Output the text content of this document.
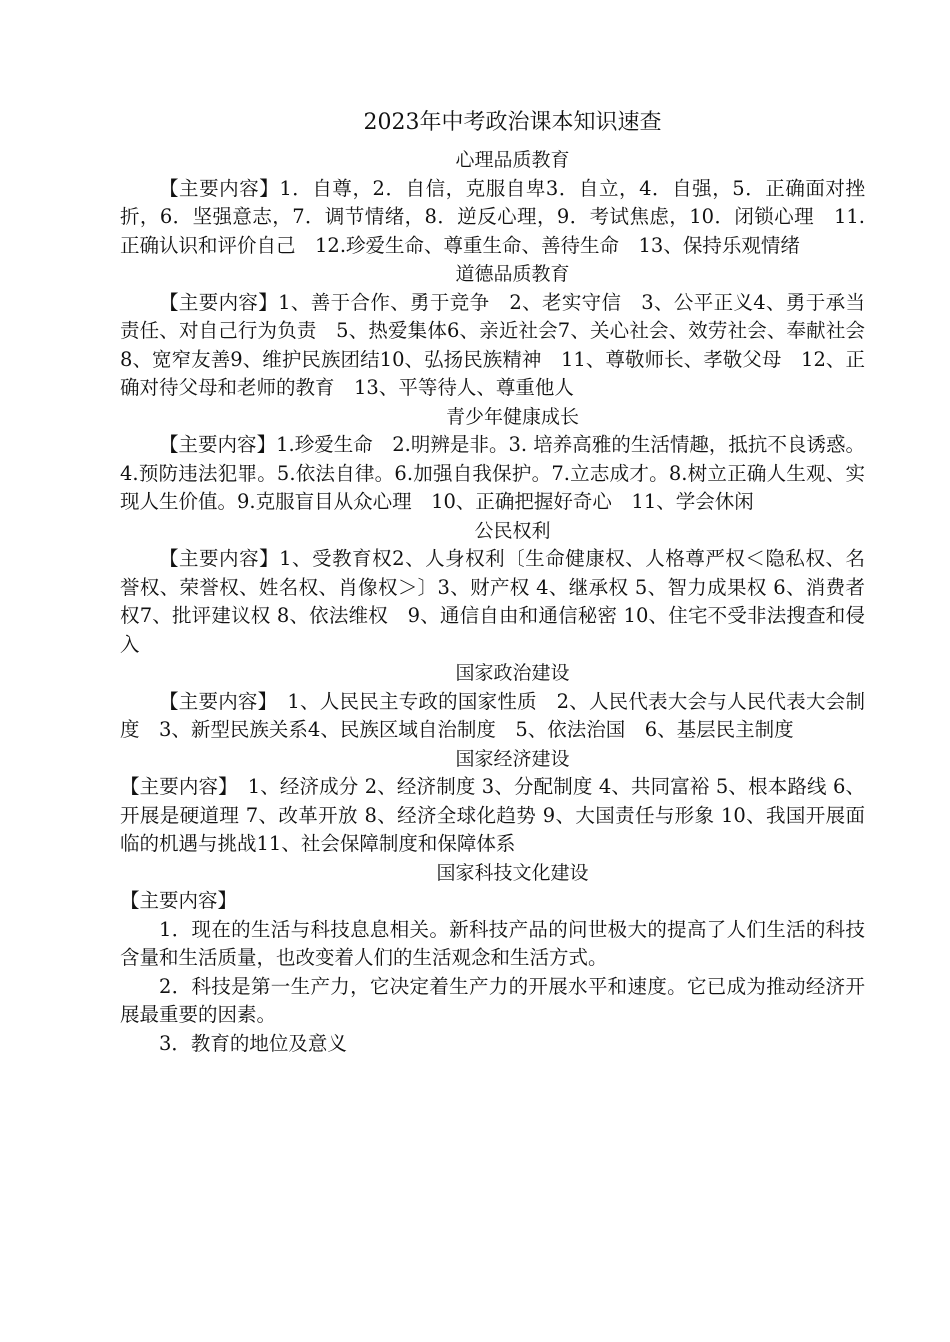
2023年中考政治课本知识速查
心理品质教育

【主要内容】1．自尊，2．自信，克服自卑3．自立，4．自强，5．正确面对挫折，6．坚强意志，7．调节情绪，8．逆反心理，9．考试焦虑，10．闭锁心理　11.正确认识和评价自己　12.珍爱生命、尊重生命、善待生命　13、保持乐观情绪

道德品质教育

【主要内容】1、善于合作、勇于竞争　2、老实守信　3、公平正义4、勇于承当责任、对自己行为负责　5、热爱集体6、亲近社会7、关心社会、效劳社会、奉献社会8、宽窄友善9、维护民族团结10、弘扬民族精神　11、尊敬师长、孝敬父母　12、正确对待父母和老师的教育　13、平等待人、尊重他人

青少年健康成长

【主要内容】1.珍爱生命　2.明辨是非。3. 培养高雅的生活情趣，抵抗不良诱惑。4.预防违法犯罪。5.依法自律。6.加强自我保护。7.立志成才。8.树立正确人生观、实现人生价值。9.克服盲目从众心理　10、正确把握好奇心　11、学会休闲

公民权利

【主要内容】1、受教育权2、人身权利〔生命健康权、人格尊严权＜隐私权、名誉权、荣誉权、姓名权、肖像权＞〕3、财产权 4、继承权 5、智力成果权 6、消费者权7、批评建议权 8、依法维权　9、通信自由和通信秘密 10、住宅不受非法搜查和侵入

国家政治建设

【主要内容】　1、人民民主专政的国家性质　2、人民代表大会与人民代表大会制度　3、新型民族关系4、民族区域自治制度　5、依法治国　6、基层民主制度

国家经济建设

【主要内容】　1、经济成分 2、经济制度 3、分配制度 4、共同富裕 5、根本路线 6、开展是硬道理 7、改革开放 8、经济全球化趋势 9、大国责任与形象 10、我国开展面临的机遇与挑战11、社会保障制度和保障体系

国家科技文化建设

【主要内容】

1．现在的生活与科技息息相关。新科技产品的问世极大的提高了人们生活的科技含量和生活质量，也改变着人们的生活观念和生活方式。

2．科技是第一生产力，它决定着生产力的开展水平和速度。它已成为推动经济开展最重要的因素。

3．教育的地位及意义
